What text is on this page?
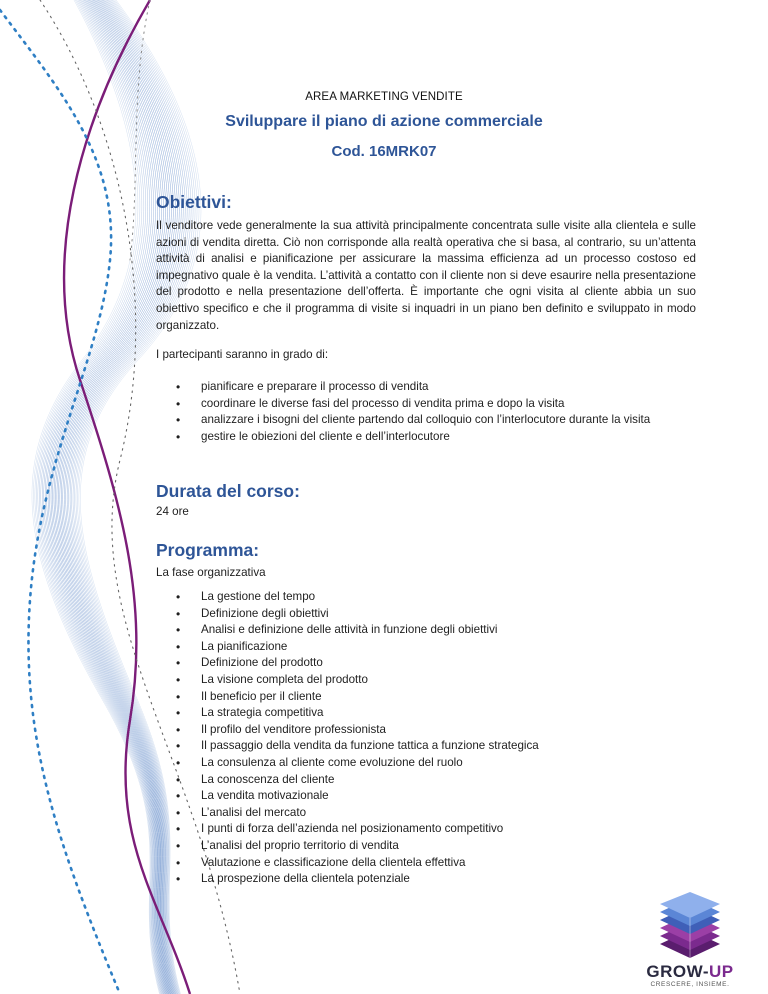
AREA MARKETING VENDITE
Sviluppare il piano di azione commerciale
Cod. 16MRK07
Obiettivi:
Il venditore vede generalmente la sua attività principalmente concentrata sulle visite alla clientela e sulle azioni di vendita diretta. Ciò non corrisponde alla realtà operativa che si basa, al contrario, su un’attenta attività di analisi e pianificazione per assicurare la massima efficienza ad un processo costoso ed impegnativo quale è la vendita. L’attività a contatto con il cliente non si deve esaurire nella presentazione del prodotto e nella presentazione dell’offerta. È importante che ogni visita al cliente abbia un suo obiettivo specifico e che il programma di visite si inquadri in un piano ben definito e sviluppato in modo organizzato.
I partecipanti saranno in grado di:
• pianificare e preparare il processo di vendita
• coordinare le diverse fasi del processo di vendita prima e dopo la visita
• analizzare i bisogni del cliente partendo dal colloquio con l’interlocutore durante la visita
• gestire le obiezioni del cliente e dell’interlocutore
Durata del corso:
24 ore
Programma:
La fase organizzativa
• La gestione del tempo
• Definizione degli obiettivi
• Analisi e definizione delle attività in funzione degli obiettivi
• La pianificazione
• Definizione del prodotto
• La visione completa del prodotto
• Il beneficio per il cliente
• La strategia competitiva
• Il profilo del venditore professionista
• Il passaggio della vendita da funzione tattica a funzione strategica
• La consulenza al cliente come evoluzione del ruolo
• La conoscenza del cliente
• La vendita motivazionale
• L’analisi del mercato
• I punti di forza dell’azienda nel posizionamento competitivo
• L’analisi del proprio territorio di vendita
• Valutazione e classificazione della clientela effettiva
• La prospezione della clientela potenziale
GROW-UP
CRESCERE, INSIEME.
